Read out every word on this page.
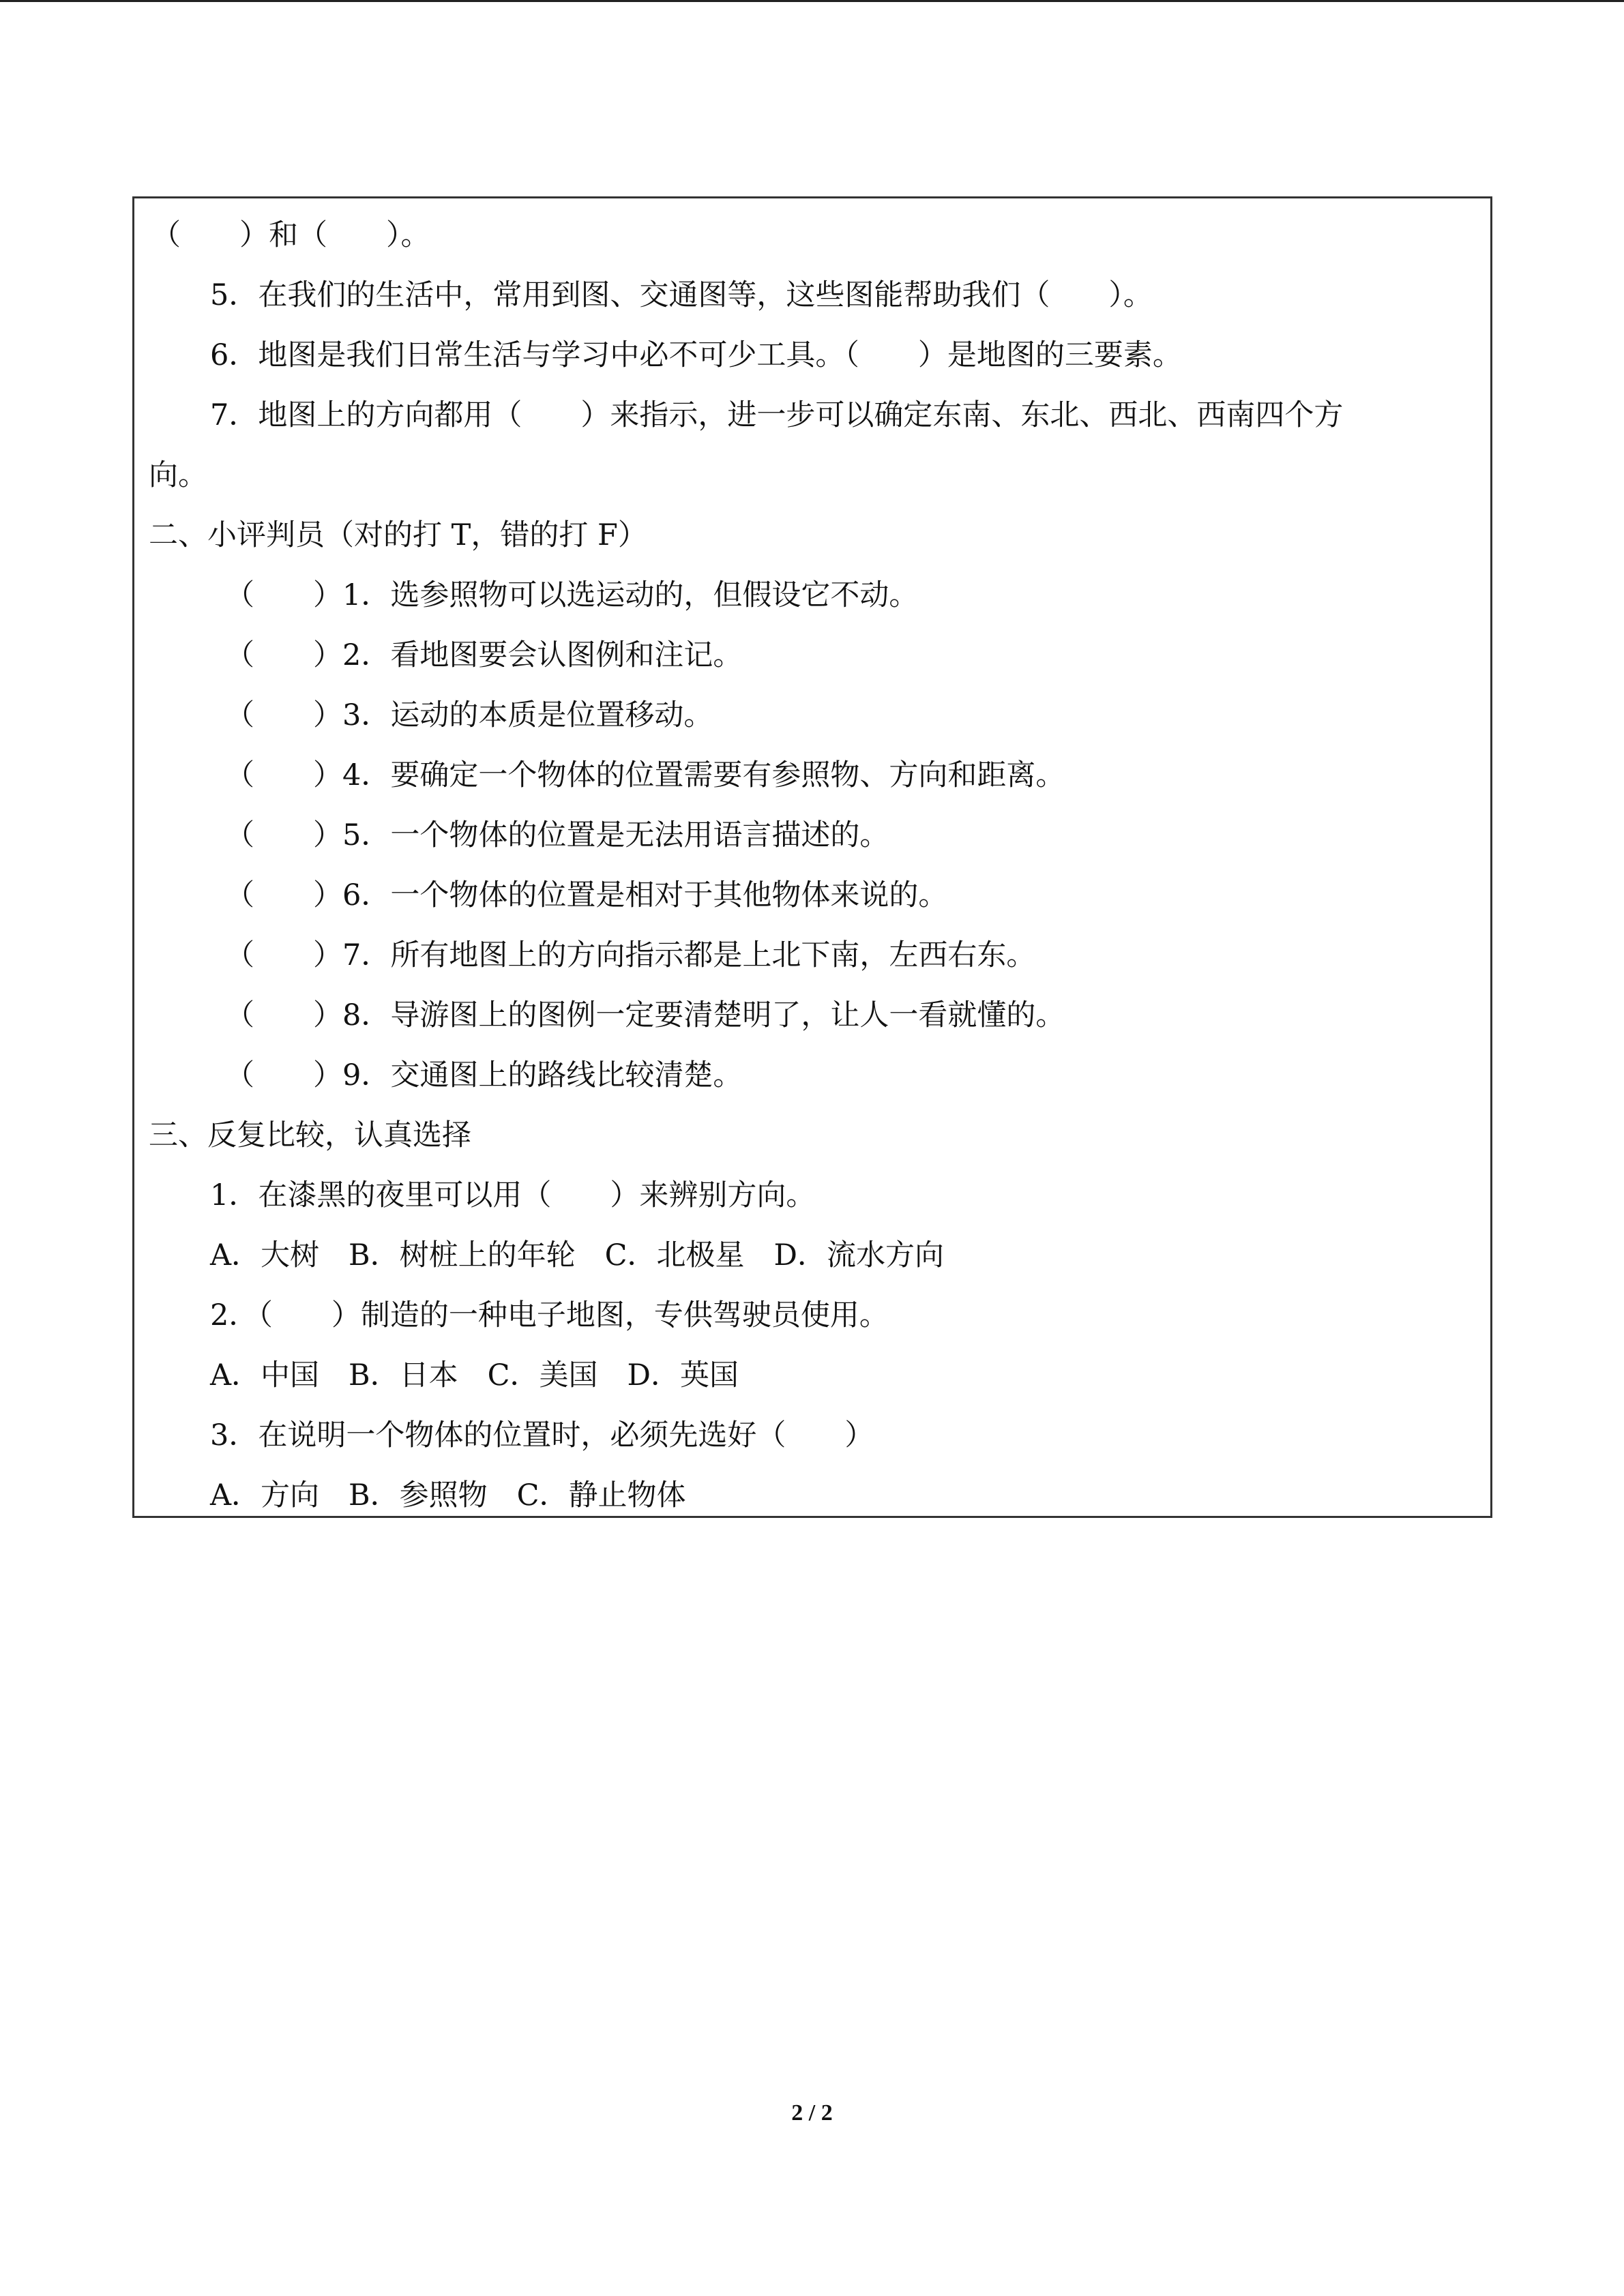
（　　）和（　　）。
5．在我们的生活中，常用到图、交通图等，这些图能帮助我们（　　）。
6．地图是我们日常生活与学习中必不可少工具。（　　）是地图的三要素。
7．地图上的方向都用（　　）来指示，进一步可以确定东南、东北、西北、西南四个方
向。
二、小评判员（对的打 T，错的打 F）
（　　）1．选参照物可以选运动的，但假设它不动。
（　　）2．看地图要会认图例和注记。
（　　）3．运动的本质是位置移动。
（　　）4．要确定一个物体的位置需要有参照物、方向和距离。
（　　）5．一个物体的位置是无法用语言描述的。
（　　）6．一个物体的位置是相对于其他物体来说的。
（　　）7．所有地图上的方向指示都是上北下南，左西右东。
（　　）8．导游图上的图例一定要清楚明了，让人一看就懂的。
（　　）9．交通图上的路线比较清楚。
三、反复比较，认真选择
1．在漆黑的夜里可以用（　　）来辨别方向。
A．大树　B．树桩上的年轮　C．北极星　D．流水方向
2．（　　）制造的一种电子地图，专供驾驶员使用。
A．中国　B．日本　C．美国　D．英国
3．在说明一个物体的位置时，必须先选好（　　）
A．方向　B．参照物　C．静止物体
2 / 2
